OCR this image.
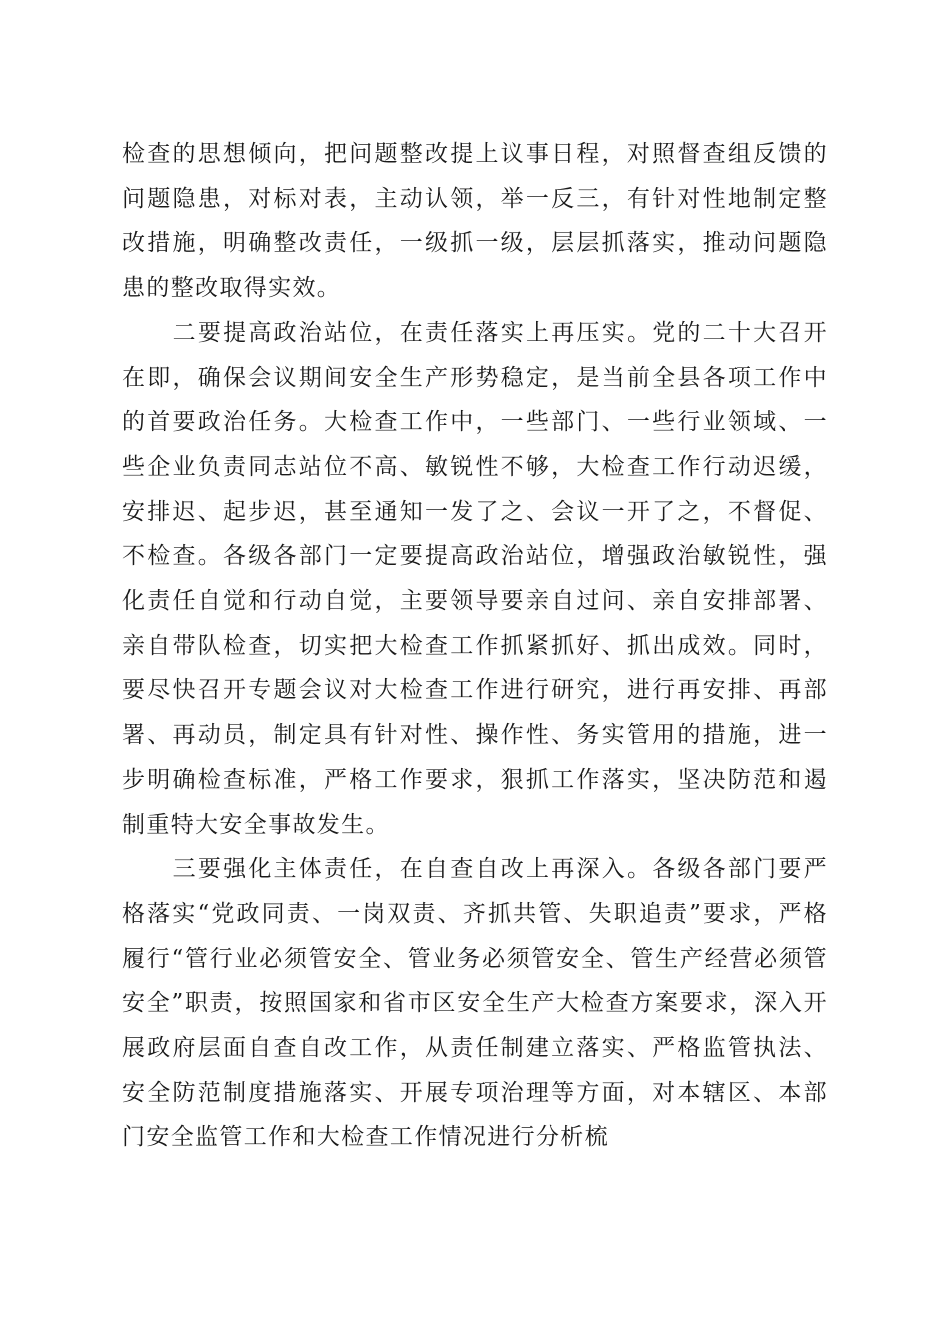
检查的思想倾向，把问题整改提上议事日程，对照督查组反馈的问题隐患，对标对表，主动认领，举一反三，有针对性地制定整改措施，明确整改责任，一级抓一级，层层抓落实，推动问题隐患的整改取得实效。

二要提高政治站位，在责任落实上再压实。党的二十大召开在即，确保会议期间安全生产形势稳定，是当前全县各项工作中的首要政治任务。大检查工作中，一些部门、一些行业领域、一些企业负责同志站位不高、敏锐性不够，大检查工作行动迟缓，安排迟、起步迟，甚至通知一发了之、会议一开了之，不督促、不检查。各级各部门一定要提高政治站位，增强政治敏锐性，强化责任自觉和行动自觉，主要领导要亲自过问、亲自安排部署、亲自带队检查，切实把大检查工作抓紧抓好、抓出成效。同时，要尽快召开专题会议对大检查工作进行研究，进行再安排、再部署、再动员，制定具有针对性、操作性、务实管用的措施，进一步明确检查标准，严格工作要求，狠抓工作落实，坚决防范和遏制重特大安全事故发生。

三要强化主体责任，在自查自改上再深入。各级各部门要严格落实“党政同责、一岗双责、齐抓共管、失职追责”要求，严格履行“管行业必须管安全、管业务必须管安全、管生产经营必须管安全”职责，按照国家和省市区安全生产大检查方案要求，深入开展政府层面自查自改工作，从责任制建立落实、严格监管执法、安全防范制度措施落实、开展专项治理等方面，对本辖区、本部门安全监管工作和大检查工作情况进行分析梳
